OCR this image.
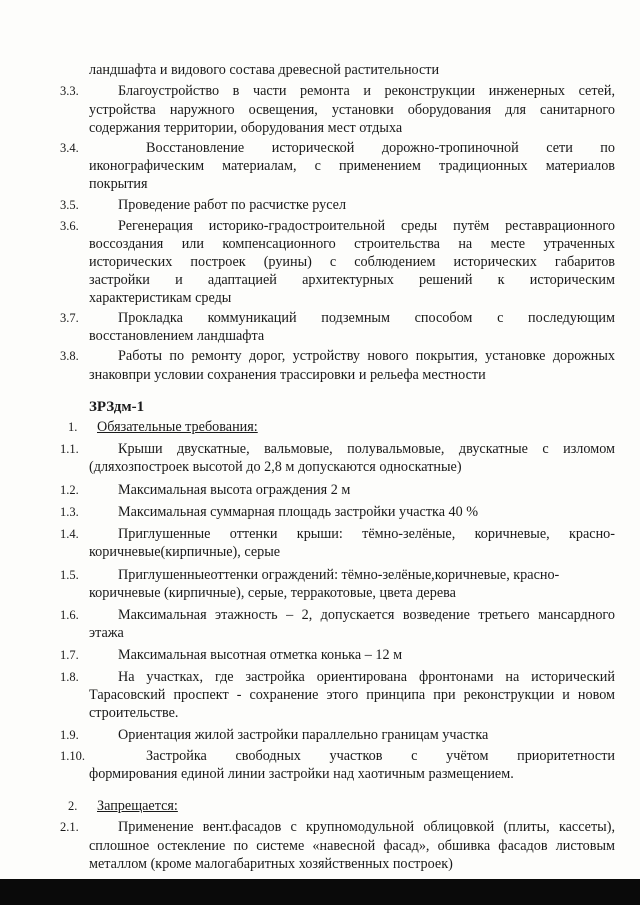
ландшафта и видового состава древесной растительности
3.3.	Благоустройство в части ремонта и реконструкции инженерных сетей,
устройства наружного освещения, установки оборудования для санитарного
содержания территории, оборудования мест отдыха
3.4.	Восстановление исторической дорожно-тропиночной сети по
иконографическим материалам, с применением традиционных материалов
покрытия
3.5.	Проведение работ по расчистке русел
3.6.	Регенерация историко-градостроительной среды путём реставрационного
воссоздания или компенсационного строительства на месте утраченных
исторических построек (руины) с соблюдением исторических габаритов
застройки и адаптацией архитектурных решений к историческим
характеристикам среды
3.7.	Прокладка коммуникаций подземным способом с последующим
восстановлением ландшафта
3.8.	Работы по ремонту дорог, устройству нового покрытия, установке дорожных
знаковпри условии сохранения трассировки и рельефа местности
ЗРЗдм-1
1. Обязательные требования:
1.1.	Крыши двускатные, вальмовые, полувальмовые, двускатные с изломом
(дляхозпостроек высотой до 2,8 м допускаются односкатные)
1.2.	Максимальная высота ограждения 2 м
1.3.	Максимальная суммарная площадь застройки участка 40 %
1.4.	Приглушенные оттенки крыши: тёмно-зелёные, коричневые, красно-
коричневые(кирпичные), серые
1.5.	Приглушенныеоттенки ограждений: тёмно-зелёные,коричневые, красно-
коричневые (кирпичные), серые, терракотовые, цвета дерева
1.6.	Максимальная этажность – 2, допускается возведение третьего мансардного
этажа
1.7.	Максимальная высотная отметка конька – 12 м
1.8.	На участках, где застройка ориентирована фронтонами на исторический
Тарасовский проспект - сохранение этого принципа при реконструкции и новом
строительстве.
1.9.	Ориентация жилой застройки параллельно границам участка
1.10.	Застройка свободных участков с учётом приоритетности
формирования единой линии застройки над хаотичным размещением.
2. Запрещается:
2.1.	Применение вент.фасадов с крупномодульной облицовкой (плиты, кассеты),
сплошное остекление по системе «навесной фасад», обшивка фасадов листовым
металлом (кроме малогабаритных хозяйственных построек)
